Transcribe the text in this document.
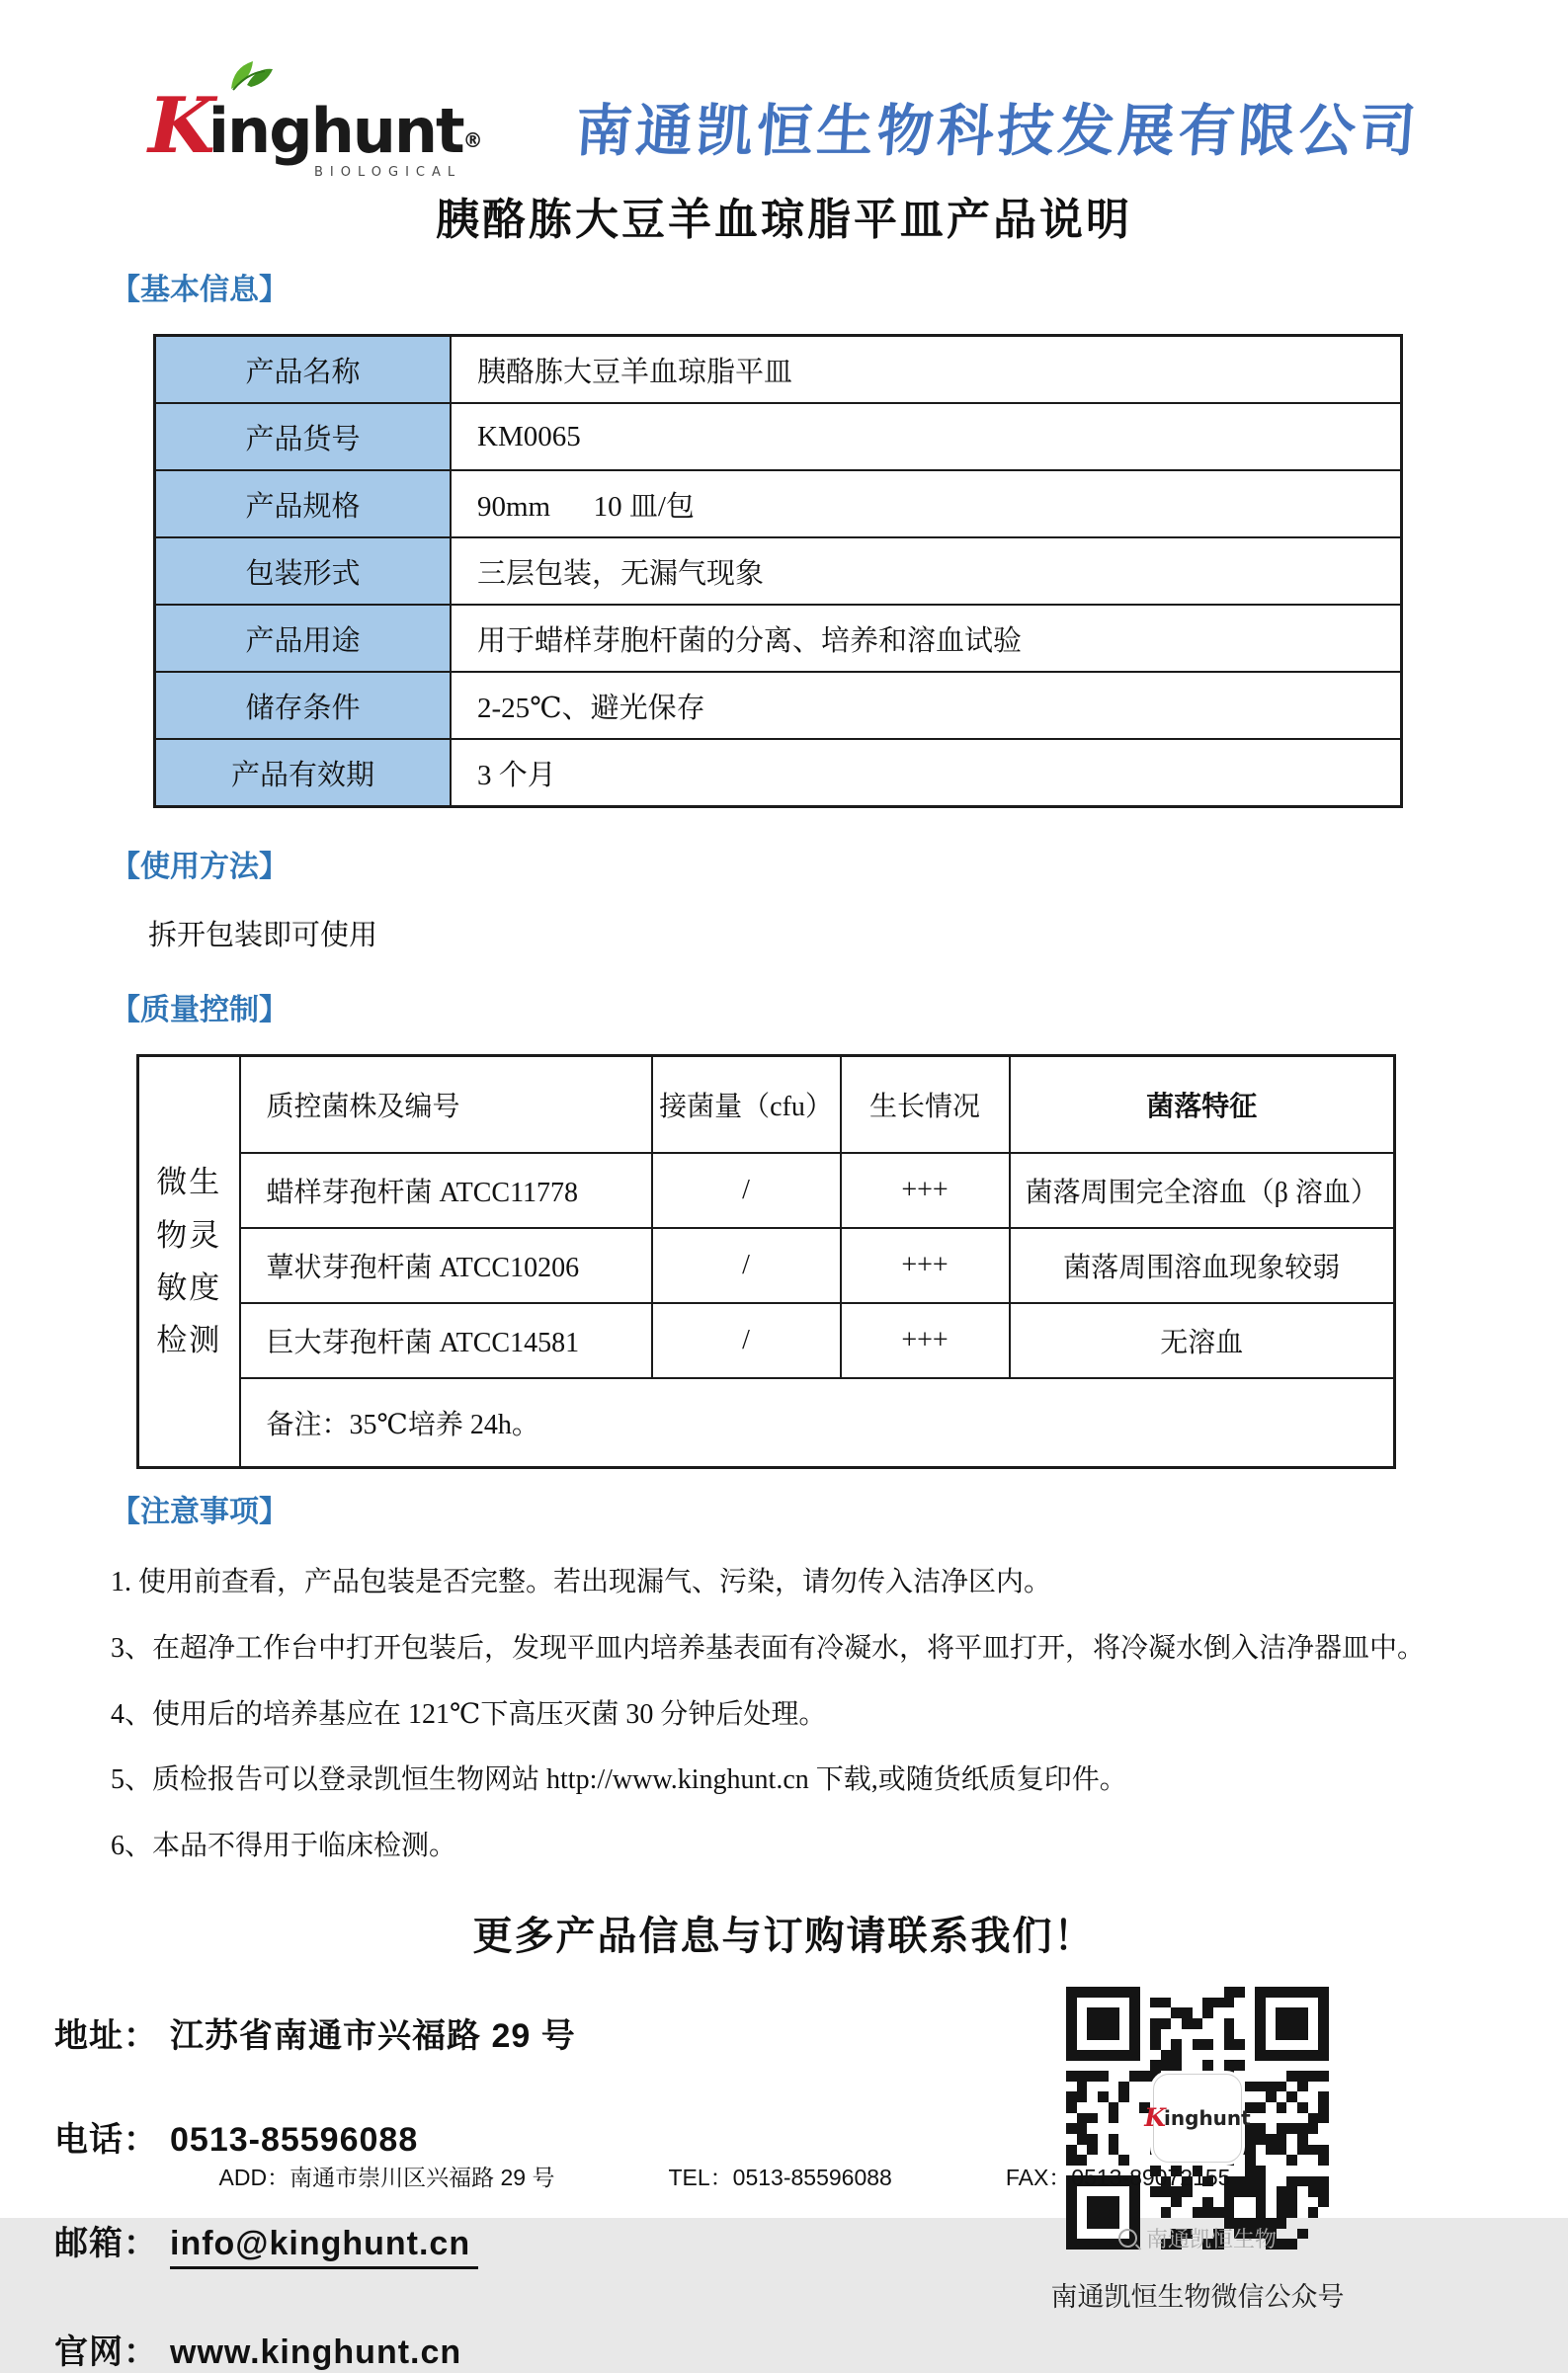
Kinghunt®
BIOLOGICAL
南通凯恒生物科技发展有限公司
胰酪胨大豆羊血琼脂平皿产品说明
【基本信息】
产品名称	胰酪胨大豆羊血琼脂平皿
产品货号	KM0065
产品规格	90mm      10 皿/包
包装形式	三层包装，无漏气现象
产品用途	用于蜡样芽胞杆菌的分离、培养和溶血试验
储存条件	2-25℃、避光保存
产品有效期	3 个月
【使用方法】
拆开包装即可使用
【质量控制】
微生物灵敏度检测	质控菌株及编号	接菌量（cfu）	生长情况	菌落特征
	蜡样芽孢杆菌 ATCC11778	/	+++	菌落周围完全溶血（β 溶血）
	蕈状芽孢杆菌 ATCC10206	/	+++	菌落周围溶血现象较弱
	巨大芽孢杆菌 ATCC14581	/	+++	无溶血
	备注：35℃培养 24h。			
【注意事项】
1. 使用前查看，产品包装是否完整。若出现漏气、污染，请勿传入洁净区内。
3、在超净工作台中打开包装后，发现平皿内培养基表面有冷凝水，将平皿打开，将冷凝水倒入洁净器皿中。
4、使用后的培养基应在 121℃下高压灭菌 30 分钟后处理。
5、质检报告可以登录凯恒生物网站 http://www.kinghunt.cn 下载,或随货纸质复印件。
6、本品不得用于临床检测。
更多产品信息与订购请联系我们！
地址： 江苏省南通市兴福路 29 号
电话： 0513-85596088
邮箱： info@kinghunt.cn
官网： www.kinghunt.cn
K
inghunt
南通凯恒生物
南通凯恒生物微信公众号
ADD：南通市崇川区兴福路 29 号	TEL：0513-85596088	FAX：0513-89072155
